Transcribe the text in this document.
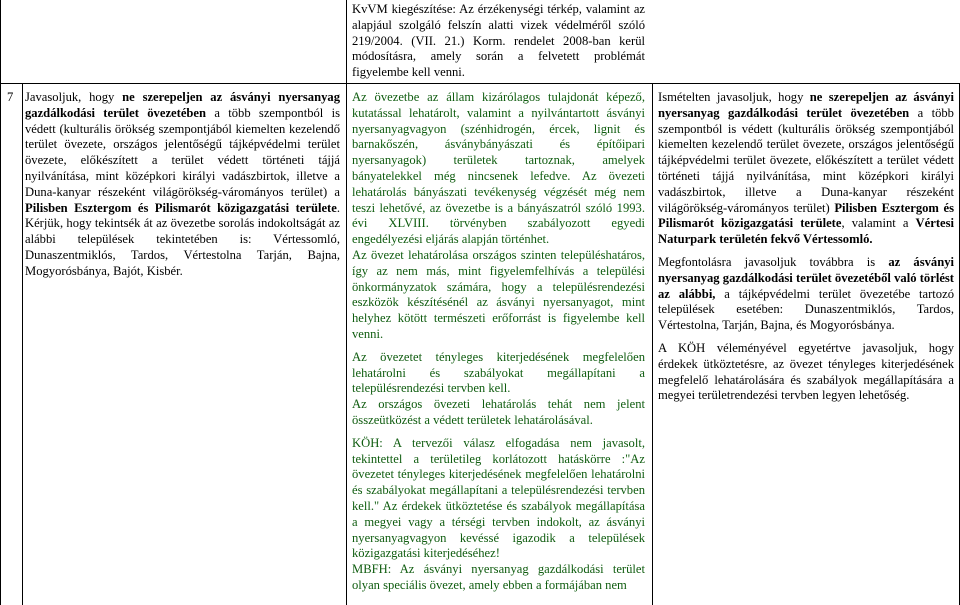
KvVM kiegészítése: Az érzékenységi térkép, valamint az alapjául szolgáló felszín alatti vizek védelméről szóló 219/2004. (VII. 21.) Korm. rendelet 2008-ban kerül módosításra, amely során a felvetett problémát figyelembe kell venni.

7 Javasoljuk, hogy ne szerepeljen az ásványi nyersanyag gazdálkodási terület övezetében a több szempontból is védett (kulturális örökség szempontjából kiemelten kezelendő terület övezete, országos jelentőségű tájképvédelmi terület övezete, előkészített a terület védett történeti tájjá nyilvánítása, mint középkori királyi vadászbirtok, illetve a Duna-kanyar részeként világörökség-várományos terület) a Pilisben Esztergom és Pilismarót közigazgatási területe. Kérjük, hogy tekintsék át az övezetbe sorolás indokoltságát az alábbi települések tekintetében is: Vértessomló, Dunaszentmiklós, Tardos, Vértestolna Tarján, Bajna, Mogyorósbánya, Bajót, Kisbér.

Az övezetbe az állam kizárólagos tulajdonát képező, kutatással lehatárolt, valamint a nyilvántartott ásványi nyersanyagvagyon (szénhidrogén, ércek, lignit és barnakőszén, ásványbányászati és építőipari nyersanyagok) területek tartoznak, amelyek bányatelekkel még nincsenek lefedve. Az övezeti lehatárolás bányászati tevékenység végzését még nem teszi lehetővé, az övezetbe is a bányászatról szóló 1993. évi XLVIII. törvényben szabályozott egyedi engedélyezési eljárás alapján történhet.

Az övezet lehatárolása országos szinten településhatáros, így az nem más, mint figyelemfelhívás a települési önkormányzatok számára, hogy a településrendezési eszközök készítésénél az ásványi nyersanyagot, mint helyhez kötött természeti erőforrást is figyelembe kell venni.

Az övezetet tényleges kiterjedésének megfelelően lehatárolni és szabályokat megállapítani a településrendezési tervben kell.

Az országos övezeti lehatárolás tehát nem jelent összeütközést a védett területek lehatárolásával.

KÖH: A tervezői válasz elfogadása nem javasolt, tekintettel a területileg korlátozott hatáskörre :"Az övezetet tényleges kiterjedésének megfelelően lehatárolni és szabályokat megállapítani a településrendezési tervben kell." Az érdekek ütköztetése és szabályok megállapítása a megyei vagy a térségi tervben indokolt, az ásványi nyersanyagvagyon kevéssé igazodik a települések közigazgatási kiterjedéséhez!

MBFH: Az ásványi nyersanyag gazdálkodási terület olyan speciális övezet, amely ebben a formájában nem

Ismételten javasoljuk, hogy ne szerepeljen az ásványi nyersanyag gazdálkodási terület övezetében a több szempontból is védett (kulturális örökség szempontjából kiemelten kezelendő terület övezete, országos jelentőségű tájképvédelmi terület övezete, előkészített a terület védett történeti tájjá nyilvánítása, mint középkori királyi vadászbirtok, illetve a Duna-kanyar részeként világörökség-várományos terület) Pilisben Esztergom és Pilismarót közigazgatási területe, valamint a Vértesi Naturpark területén fekvő Vértessomló.

Megfontolásra javasoljuk továbbra is az ásványi nyersanyag gazdálkodási terület övezetéből való törlést az alábbi, a tájképvédelmi terület övezetébe tartozó települések esetében: Dunaszentmiklós, Tardos, Vértestolna, Tarján, Bajna, és Mogyorósbánya.

A KÖH véleményével egyetértve javasoljuk, hogy érdekek ütköztetésre, az övezet tényleges kiterjedésének megfelelő lehatárolására és szabályok megállapítására a megyei területrendezési tervben legyen lehetőség.
